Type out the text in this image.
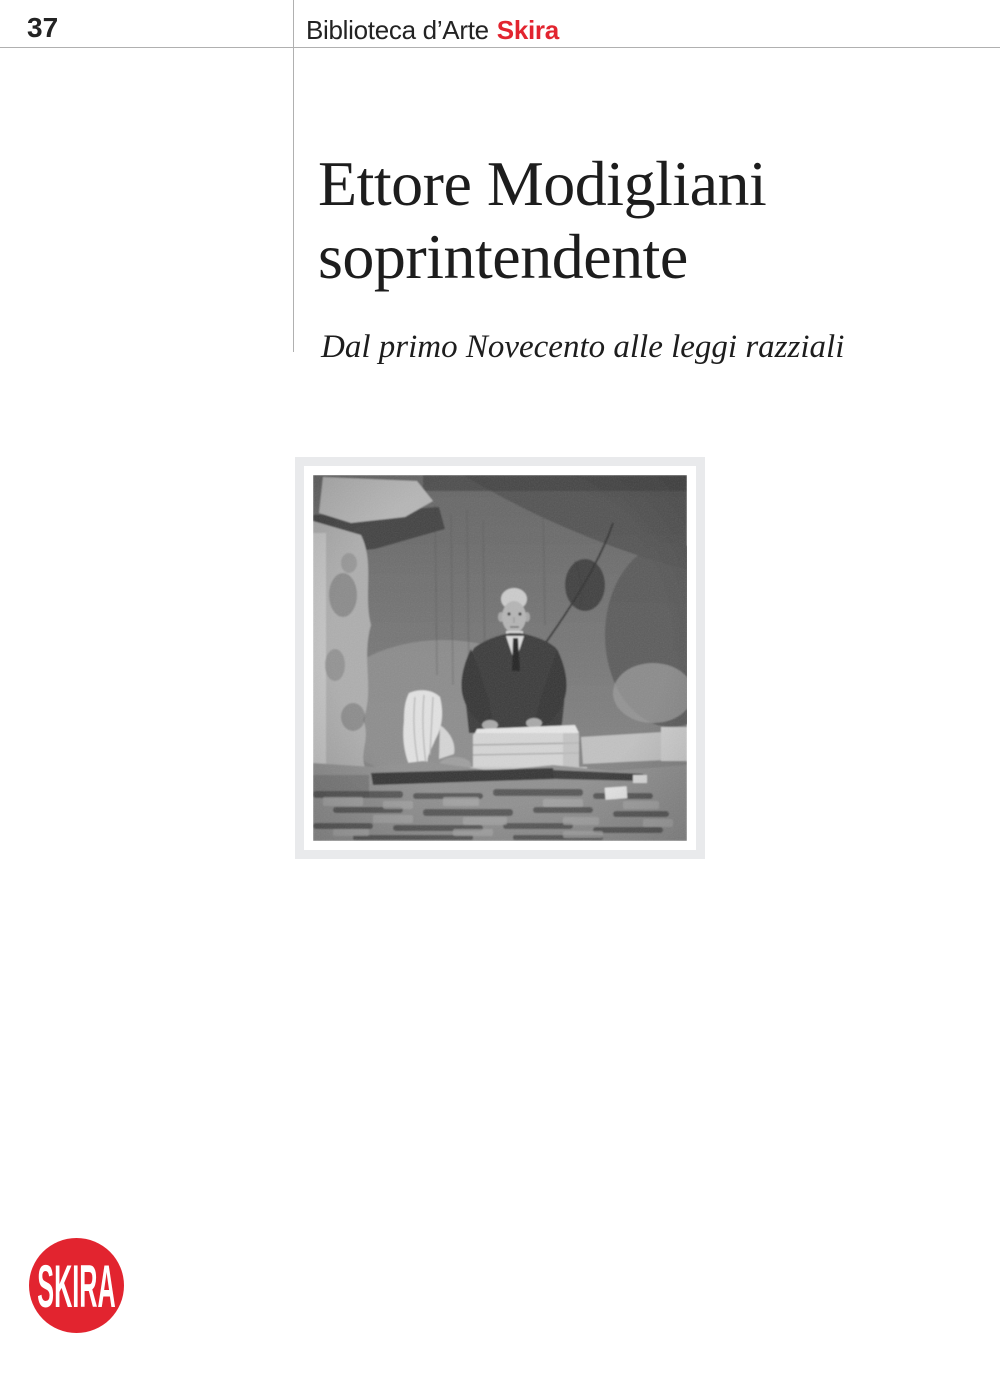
37	Biblioteca d’Arte Skira
Ettore Modigliani
soprintendente
Dal primo Novecento alle leggi razziali
SKIRA
